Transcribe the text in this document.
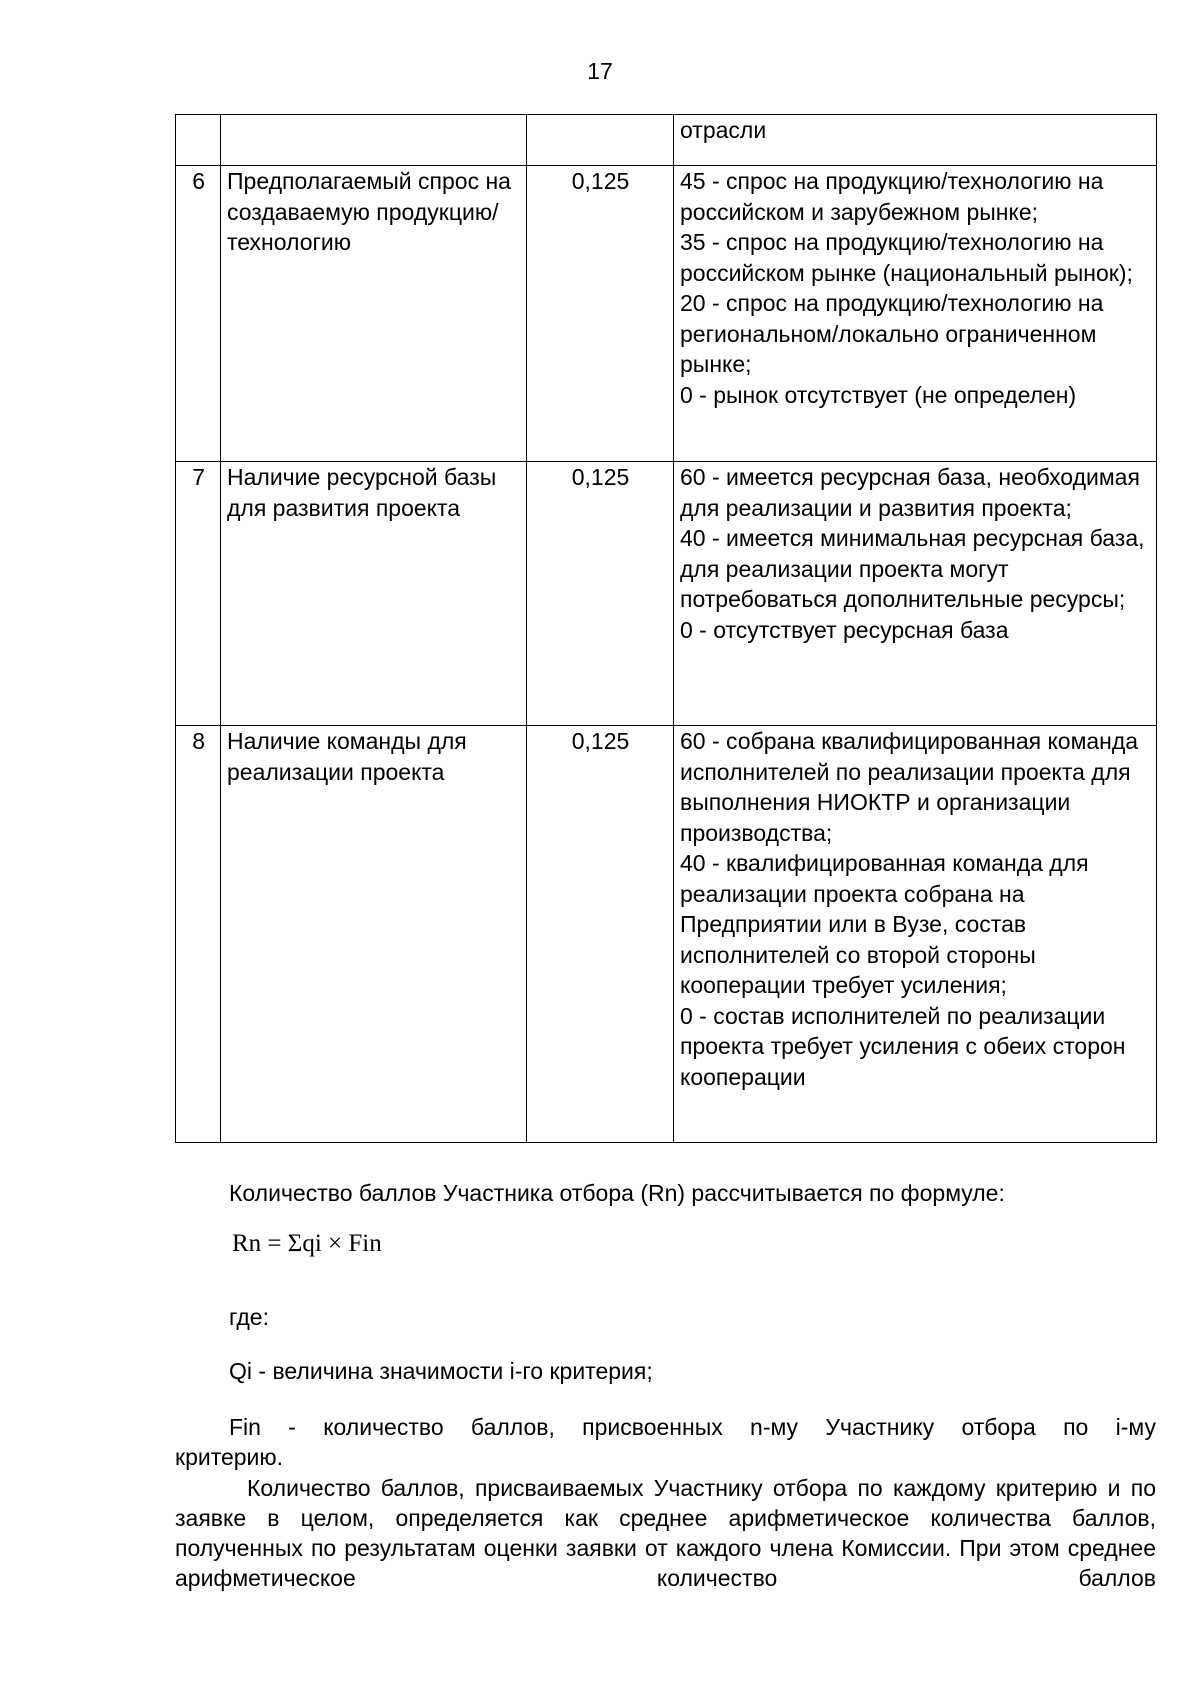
17

			отрасли

6	Предполагаемый спрос на создаваемую продукцию/технологию	0,125	45 - спрос на продукцию/технологию на российском и зарубежном рынке;
35 - спрос на продукцию/технологию на российском рынке (национальный рынок);
20 - спрос на продукцию/технологию на региональном/локально ограниченном рынке;
0 - рынок отсутствует (не определен)

7	Наличие ресурсной базы для развития проекта	0,125	60 - имеется ресурсная база, необходимая для реализации и развития проекта;
40 - имеется минимальная ресурсная база, для реализации проекта могут потребоваться дополнительные ресурсы;
0 - отсутствует ресурсная база

8	Наличие команды для реализации проекта	0,125	60 - собрана квалифицированная команда исполнителей по реализации проекта для выполнения НИОКТР и организации производства;
40 - квалифицированная команда для реализации проекта собрана на Предприятии или в Вузе, состав исполнителей со второй стороны кооперации требует усиления;
0 - состав исполнителей по реализации проекта требует усиления с обеих сторон кооперации
Количество баллов Участника отбора (Rn) рассчитывается по формуле:
Rn = Σqi × Fin
где:
Qi - величина значимости i-го критерия;
Fin - количество баллов, присвоенных n-му Участнику отбора по i-му критерию.
Количество баллов, присваиваемых Участнику отбора по каждому критерию и по заявке в целом, определяется как среднее арифметическое количества баллов, полученных по результатам оценки заявки от каждого члена Комиссии. При этом среднее арифметическое количество баллов
